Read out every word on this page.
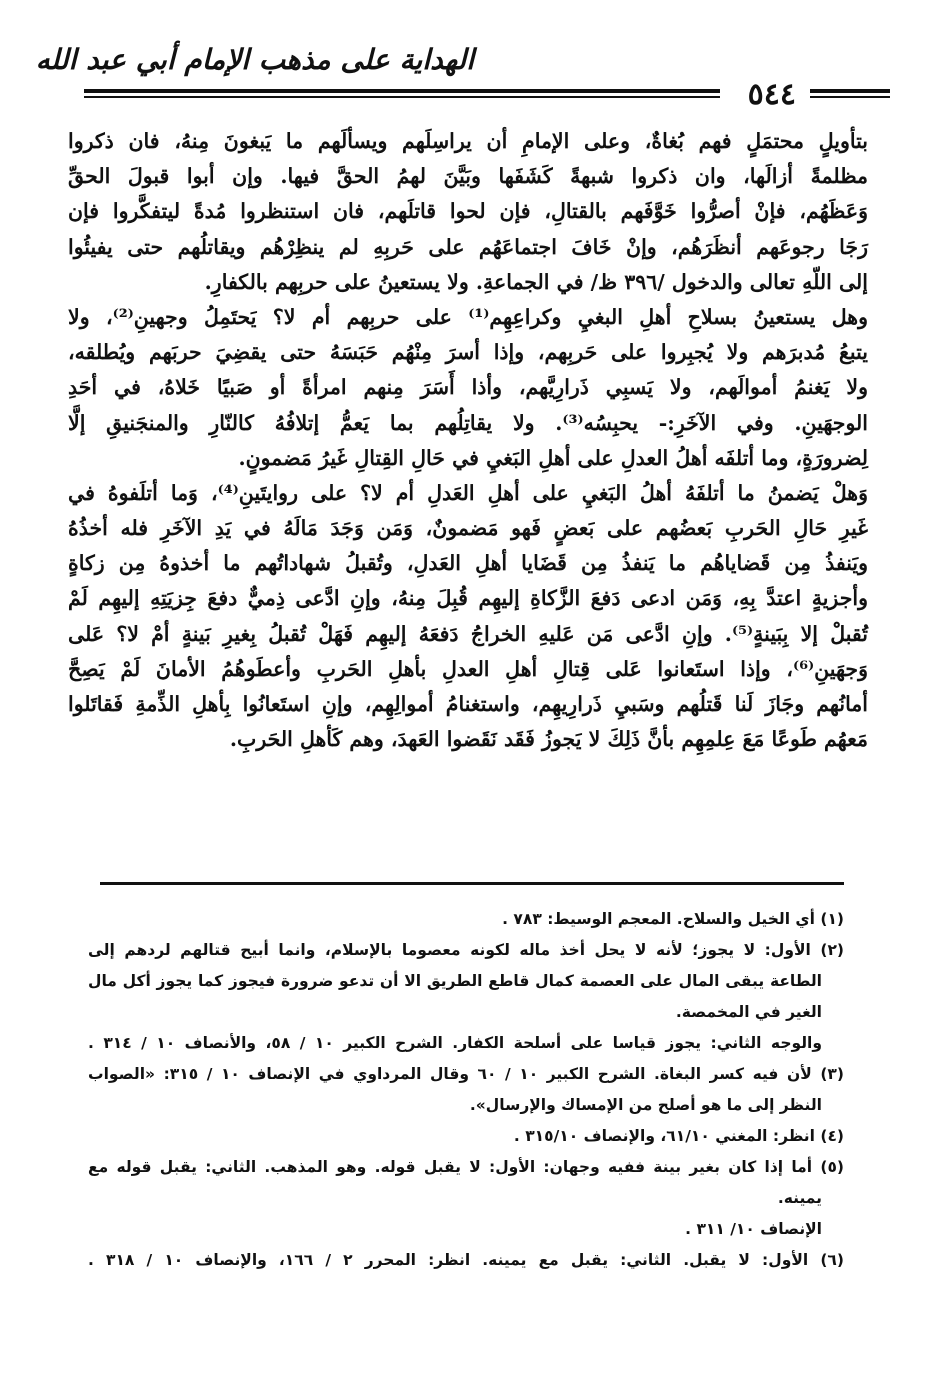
الهداية على مذهب الإمام أبي عبد الله
٥٤٤
بتأويلٍ محتمَلٍ فهم بُغاةٌ، وعلى الإمامِ أن يراسِلَهم ويسألَهم ما يَبغونَ مِنهُ، فان ذكروا
مظلمةً أزالَها، وان ذكروا شبهةً كَشَفَها وبَيَّنَ لهمُ الحقَّ فيها. وإن أبوا قبولَ الحقِّ
وَعَظَهُم، فإنْ أصرُّوا خَوَّفَهم بالقتالِ، فإن لحوا قاتلَهم، فان استنظروا مُدةً ليتفكَّروا فإن
رَجَا رجوعَهم أنظَرَهُم، وإنْ خَافَ اجتماعَهُم على حَربِهِ لم ينظِرْهُم ويقاتلُهم حتى يفيئُوا
إلى اللّهِ تعالى والدخول /٣٩٦ ظ/ في الجماعةِ. ولا يستعينُ على حربِهم بالكفارِ.
وهل يستعينُ بسلاحِ أهلِ البغيِ وكراعِهِم⁽¹⁾ على حربِهم أم لا؟ يَحتَمِلُ وجهينِ⁽²⁾، ولا
يتبعُ مُدبرَهم ولا يُجبِروا على حَربِهم، وإذا أسرَ مِنْهُم حَبَسَهُ حتى يقضِيَ حربَهم ويُطلقه،
ولا يَغنمُ أموالَهم، ولا يَسبِي ذَرارِيَّهم، وأذا أَسَرَ مِنهم امرأةً أو صَبيًا خَلاهُ، في أحَدِ
الوجهَينِ. وفي الآخَرِ:- يحبِسُه⁽³⁾. ولا يقاتِلُهم بما يَعمُّ إتلافُهُ كالنّارِ والمنجَنيقِ إلَّا
لِضرورَةٍ، وما أتلفَه أهلُ العدلِ على أهلِ البَغيِ في حَالِ القِتالِ غَيرُ مَضمونٍ.
وَهلْ يَضمنُ ما أتلفَهُ أهلُ البَغيِ على أهلِ العَدلِ أم لا؟ على روايتَينِ⁽⁴⁾، وَما أتلَفوهُ في
غَيرِ حَالِ الحَربِ بَعضُهم على بَعضٍ فَهو مَضمونٌ، وَمَن وَجَدَ مَالَهُ في يَدِ الآخَرِ فله أخذُهُ
ويَنفذُ مِن قَضاياهُم ما يَنفذُ مِن قَضَايا أهلِ العَدلِ، وتُقبلُ شهاداتُهم ما أخذوهُ مِن زكاةٍ
وأجزيةٍ اعتدَّ بِهِ، وَمَن ادعى دَفعَ الزَّكاةِ إليهِم قُبِلَ مِنهُ، وإنِ ادَّعى ذِميٌّ دفعَ جِزيَتِهِ إليهِم لَمْ
تُقبلْ إلا بِبَينةٍ⁽⁵⁾. وإنِ ادَّعى مَن عَليهِ الخراجُ دَفعَهُ إليهِم فَهَلْ تُقبلُ بِغيرِ بَينةٍ أمْ لا؟ عَلى
وَجهَينِ⁽⁶⁾، وإذا استَعانوا عَلى قِتالِ أهلِ العدلِ بأهلِ الحَربِ وأعطَوهُمُ الأمانَ لَمْ يَصِحَّ
أمانُهم وجَازَ لَنا قَتلُهم وسَبيِ ذَرارِيهِم، واستغنامُ أموالِهِم، وإنِ استَعانُوا بِأهلِ الذِّمةِ فَقاتَلوا
مَعهُم طَوعًا مَعَ عِلمِهِم بأنَّ ذَلِكَ لا يَجوزُ فَقَد نَقَضوا العَهدَ، وهم كَأهلِ الحَربِ.
(١) أي الخيل والسلاح. المعجم الوسيط: ٧٨٣ .
(٢) الأول: لا يجوز؛ لأنه لا يحل أخذ ماله لكونه معصوما بالإسلام، وانما أبيح قتالهم لردهم إلى
الطاعة يبقى المال على العصمة كمال قاطع الطريق الا أن تدعو ضرورة فيجوز كما يجوز أكل مال
الغير في المخمصة.
والوجه الثاني: يجوز قياسا على أسلحة الكفار. الشرح الكبير ١٠ / ٥٨، والأنصاف ١٠ / ٣١٤ .
(٣) لأن فيه كسر البغاة. الشرح الكبير ١٠ / ٦٠ وقال المرداوي في الإنصاف ١٠ / ٣١٥: «الصواب
النظر إلى ما هو أصلح من الإمساك والإرسال».
(٤) انظر: المغني ٦١/١٠، والإنصاف ٣١٥/١٠ .
(٥) أما إذا كان بغير بينة ففيه وجهان: الأول: لا يقبل قوله. وهو المذهب. الثاني: يقبل قوله مع
يمينه.
الإنصاف ١٠/ ٣١١ .
(٦) الأول: لا يقبل. الثاني: يقبل مع يمينه. انظر: المحرر ٢ / ١٦٦، والإنصاف ١٠ / ٣١٨ .
